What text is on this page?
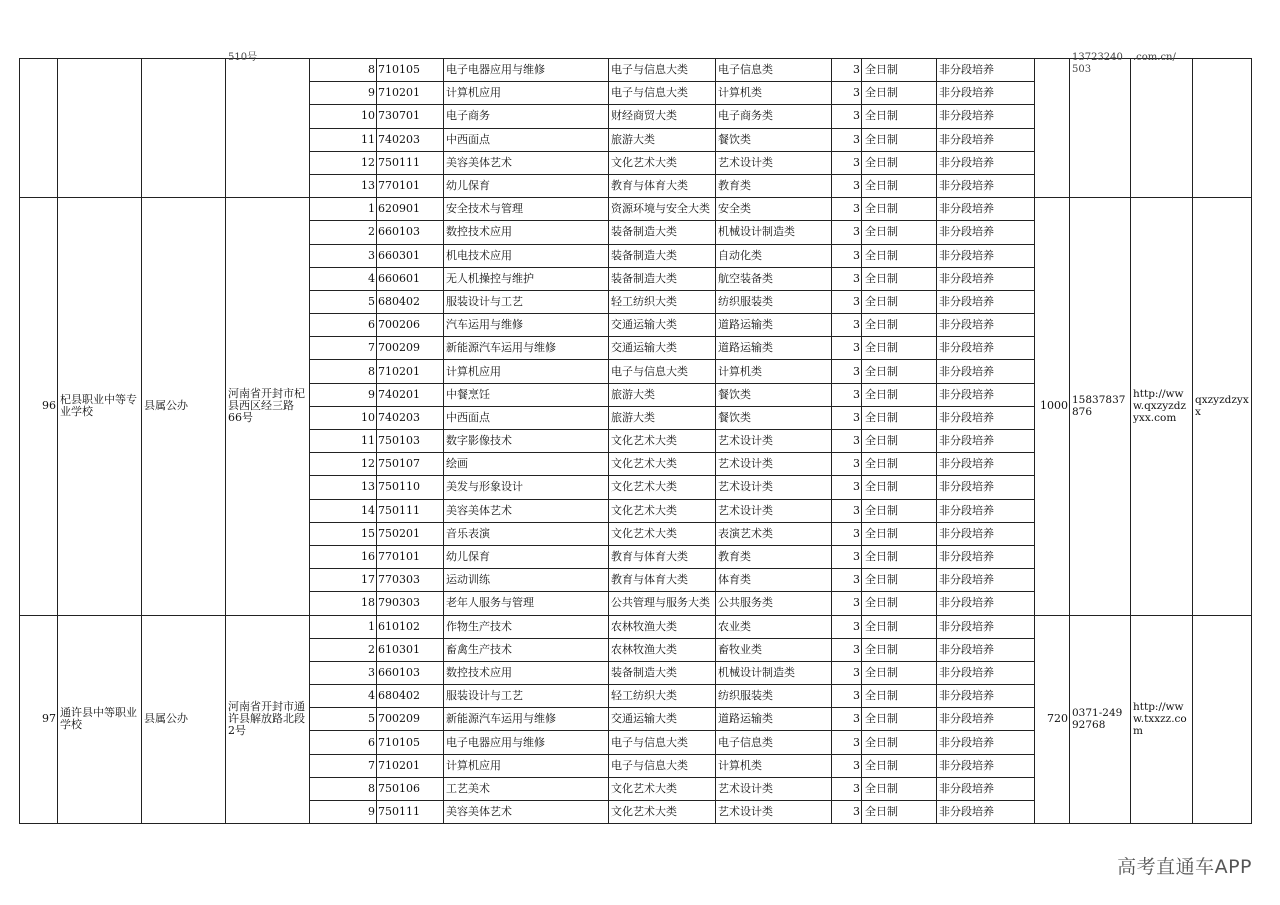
			510号	8	710105	电子电器应用与维修	电子与信息大类	电子信息类	3	全日制	非分段培养		13723240503	.com.cn/	

				9	710201	计算机应用	电子与信息大类	计算机类	3	全日制	非分段培养				
				10	730701	电子商务	财经商贸大类	电子商务类	3	全日制	非分段培养				
				11	740203	中西面点	旅游大类	餐饮类	3	全日制	非分段培养				
				12	750111	美容美体艺术	文化艺术大类	艺术设计类	3	全日制	非分段培养				
				13	770101	幼儿保育	教育与体育大类	教育类	3	全日制	非分段培养				
96	杞县职业中等专业学校	县属公办	河南省开封市杞县西区经三路66号	1	620901	安全技术与管理	资源环境与安全大类	安全类	3	全日制	非分段培养	1000	15837837876	http://www.qxzyzdzyxx.com	qxzyzdzyxx
				2	660103	数控技术应用	装备制造大类	机械设计制造类	3	全日制	非分段培养				
				3	660301	机电技术应用	装备制造大类	自动化类	3	全日制	非分段培养				
				4	660601	无人机操控与维护	装备制造大类	航空装备类	3	全日制	非分段培养				
				5	680402	服装设计与工艺	轻工纺织大类	纺织服装类	3	全日制	非分段培养				
				6	700206	汽车运用与维修	交通运输大类	道路运输类	3	全日制	非分段培养				
				7	700209	新能源汽车运用与维修	交通运输大类	道路运输类	3	全日制	非分段培养				
				8	710201	计算机应用	电子与信息大类	计算机类	3	全日制	非分段培养				
				9	740201	中餐烹饪	旅游大类	餐饮类	3	全日制	非分段培养				
				10	740203	中西面点	旅游大类	餐饮类	3	全日制	非分段培养				
				11	750103	数字影像技术	文化艺术大类	艺术设计类	3	全日制	非分段培养				
				12	750107	绘画	文化艺术大类	艺术设计类	3	全日制	非分段培养				
				13	750110	美发与形象设计	文化艺术大类	艺术设计类	3	全日制	非分段培养				
				14	750111	美容美体艺术	文化艺术大类	艺术设计类	3	全日制	非分段培养				
				15	750201	音乐表演	文化艺术大类	表演艺术类	3	全日制	非分段培养				
				16	770101	幼儿保育	教育与体育大类	教育类	3	全日制	非分段培养				
				17	770303	运动训练	教育与体育大类	体育类	3	全日制	非分段培养				
				18	790303	老年人服务与管理	公共管理与服务大类	公共服务类	3	全日制	非分段培养				
97	通许县中等职业学校	县属公办	河南省开封市通许县解放路北段2号	1	610102	作物生产技术	农林牧渔大类	农业类	3	全日制	非分段培养	720	0371-24992768	http://www.txxzz.com	
				2	610301	畜禽生产技术	农林牧渔大类	畜牧业类	3	全日制	非分段培养				
				3	660103	数控技术应用	装备制造大类	机械设计制造类	3	全日制	非分段培养				
				4	680402	服装设计与工艺	轻工纺织大类	纺织服装类	3	全日制	非分段培养				
				5	700209	新能源汽车运用与维修	交通运输大类	道路运输类	3	全日制	非分段培养				
				6	710105	电子电器应用与维修	电子与信息大类	电子信息类	3	全日制	非分段培养				
				7	710201	计算机应用	电子与信息大类	计算机类	3	全日制	非分段培养				
				8	750106	工艺美术	文化艺术大类	艺术设计类	3	全日制	非分段培养				
				9	750111	美容美体艺术	文化艺术大类	艺术设计类	3	全日制	非分段培养				
高考直通车APP
